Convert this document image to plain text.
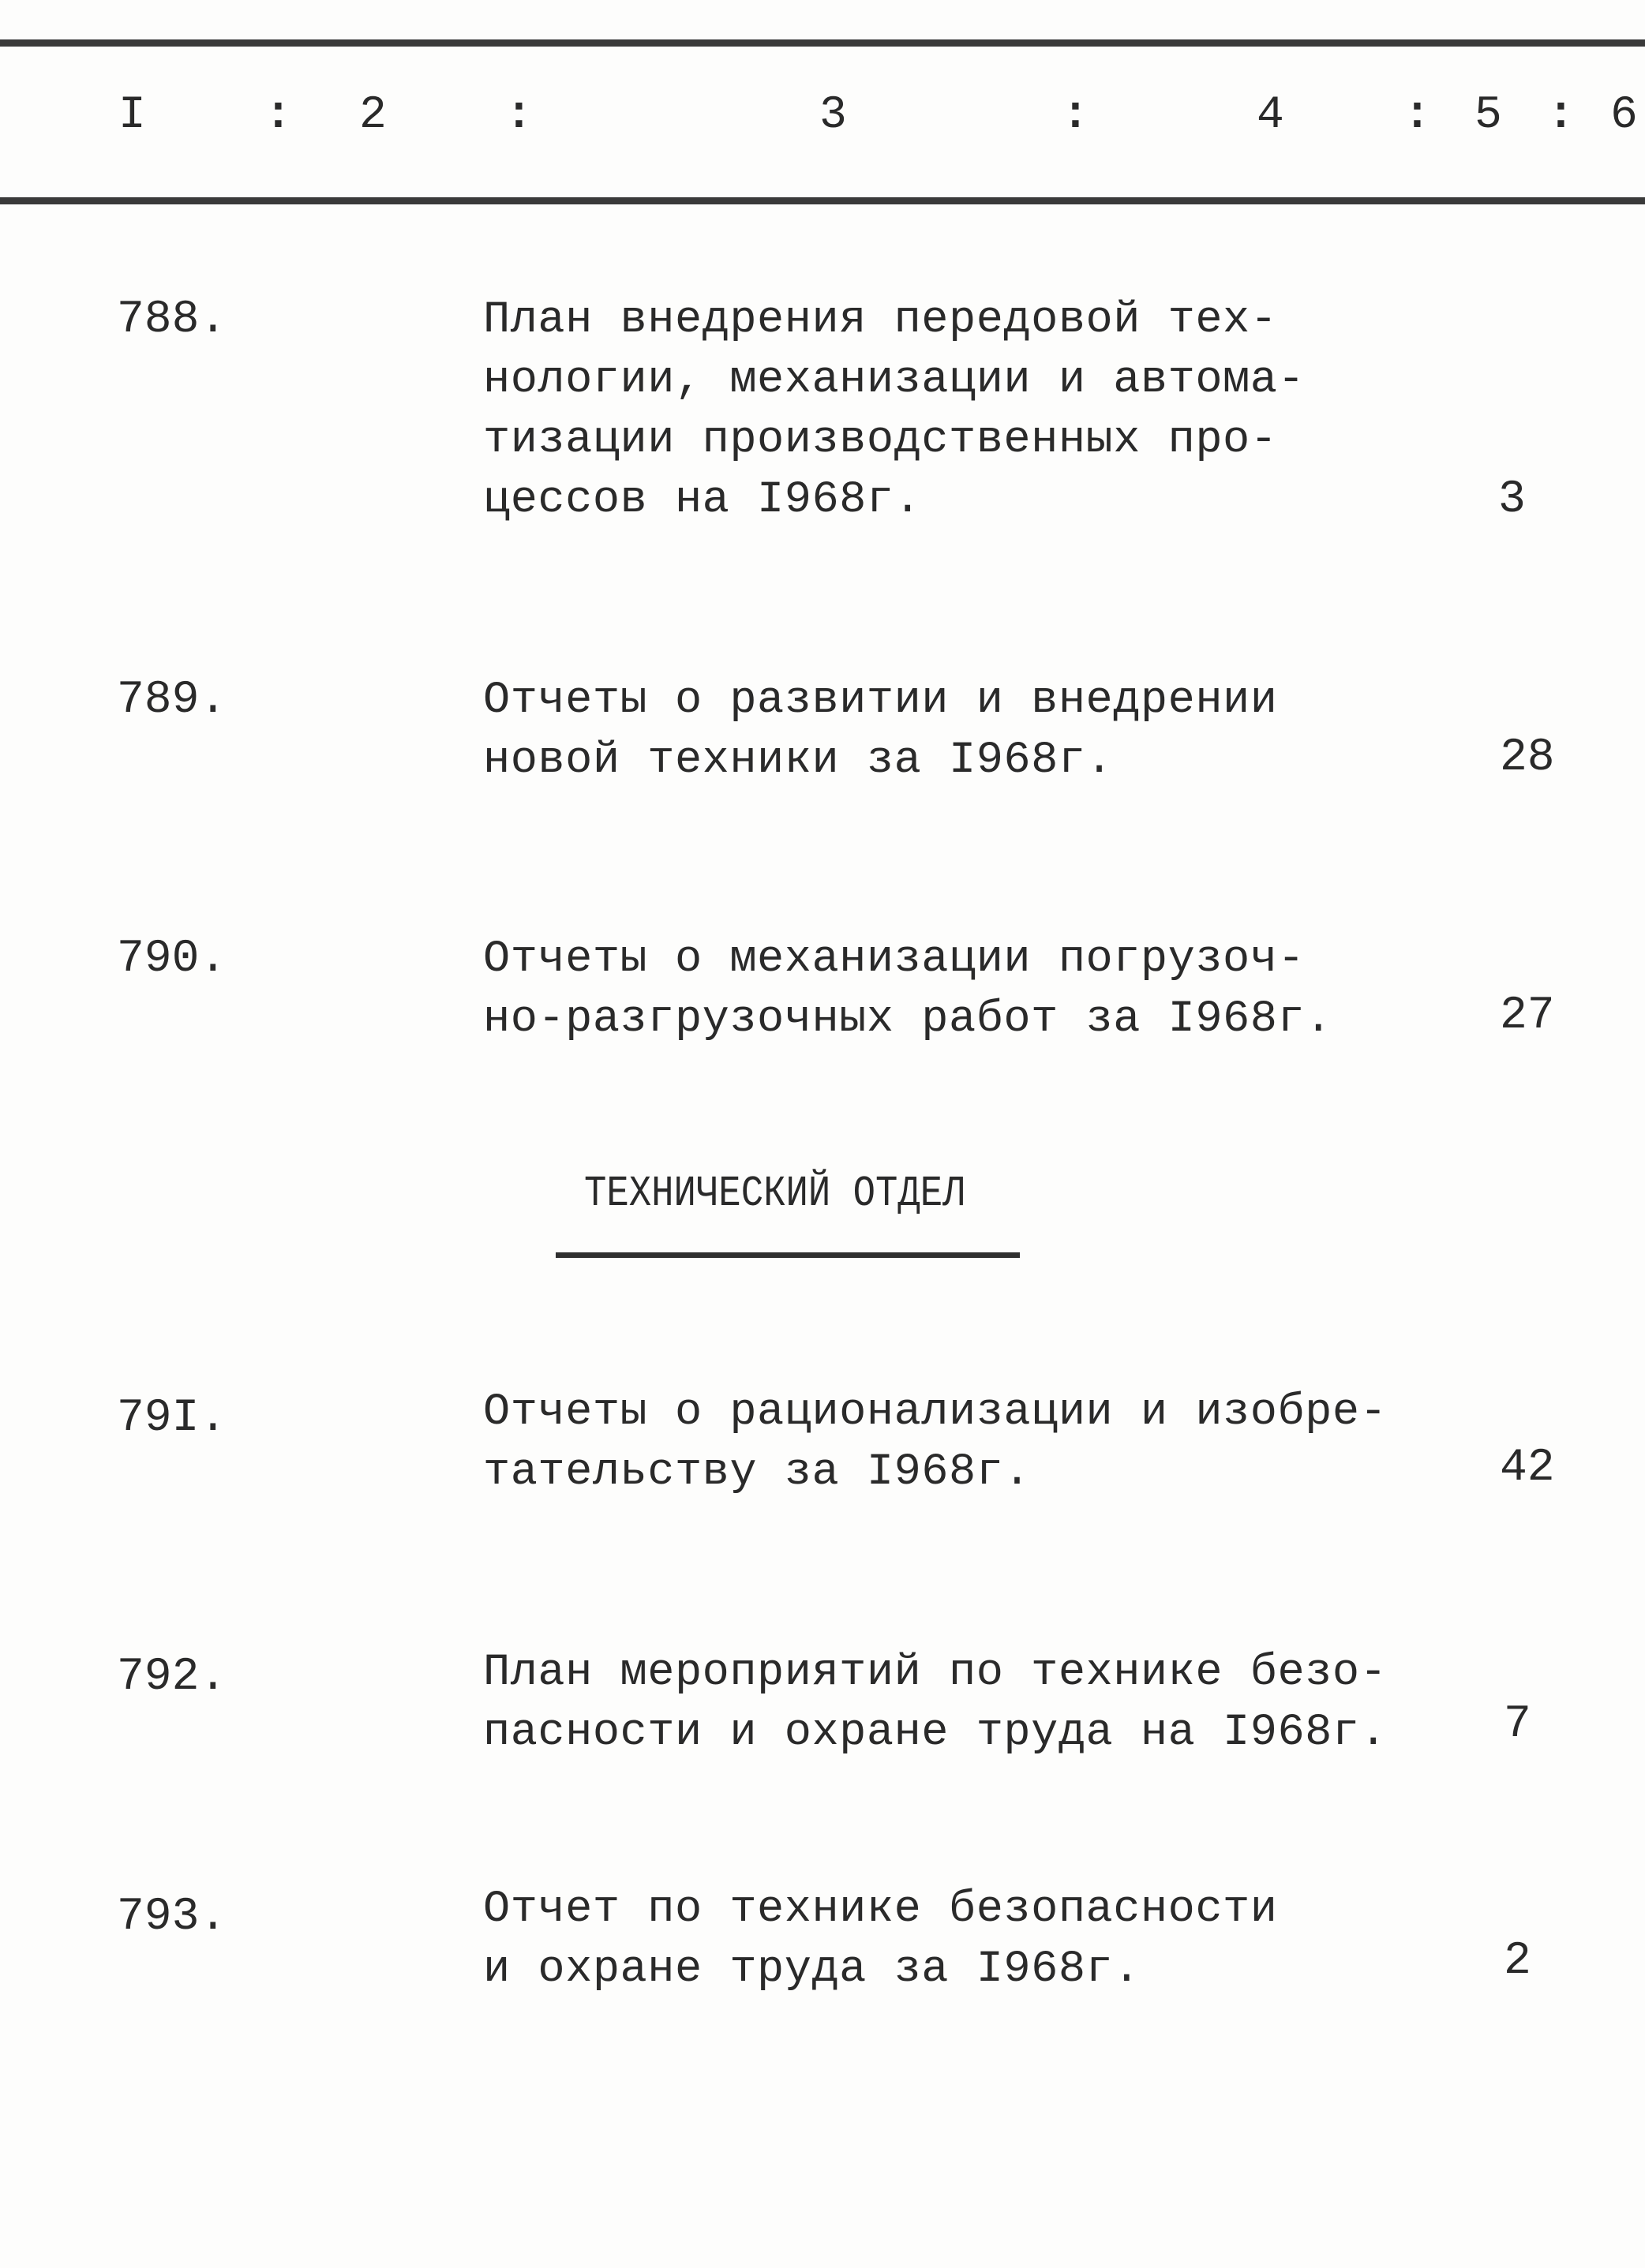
I	: 2	:	3	:	4	: 5 : 6
788.	План внедрения передовой тех-
нологии, механизации и автома-
тизации производственных про-
цессов на I968г.	3
789.	Отчеты о развитии и внедрении
новой техники за I968г.	28
790.	Отчеты о механизации погрузоч-
но-разгрузочных работ за I968г.	27
ТЕХНИЧЕСКИЙ ОТДЕЛ
79I.	Отчеты о рационализации и изобре-
тательству за I968г.	42
792.	План мероприятий по технике безо-
пасности и охране труда на I968г.	7
793.	Отчет по технике безопасности
и охране труда за I968г.	2
